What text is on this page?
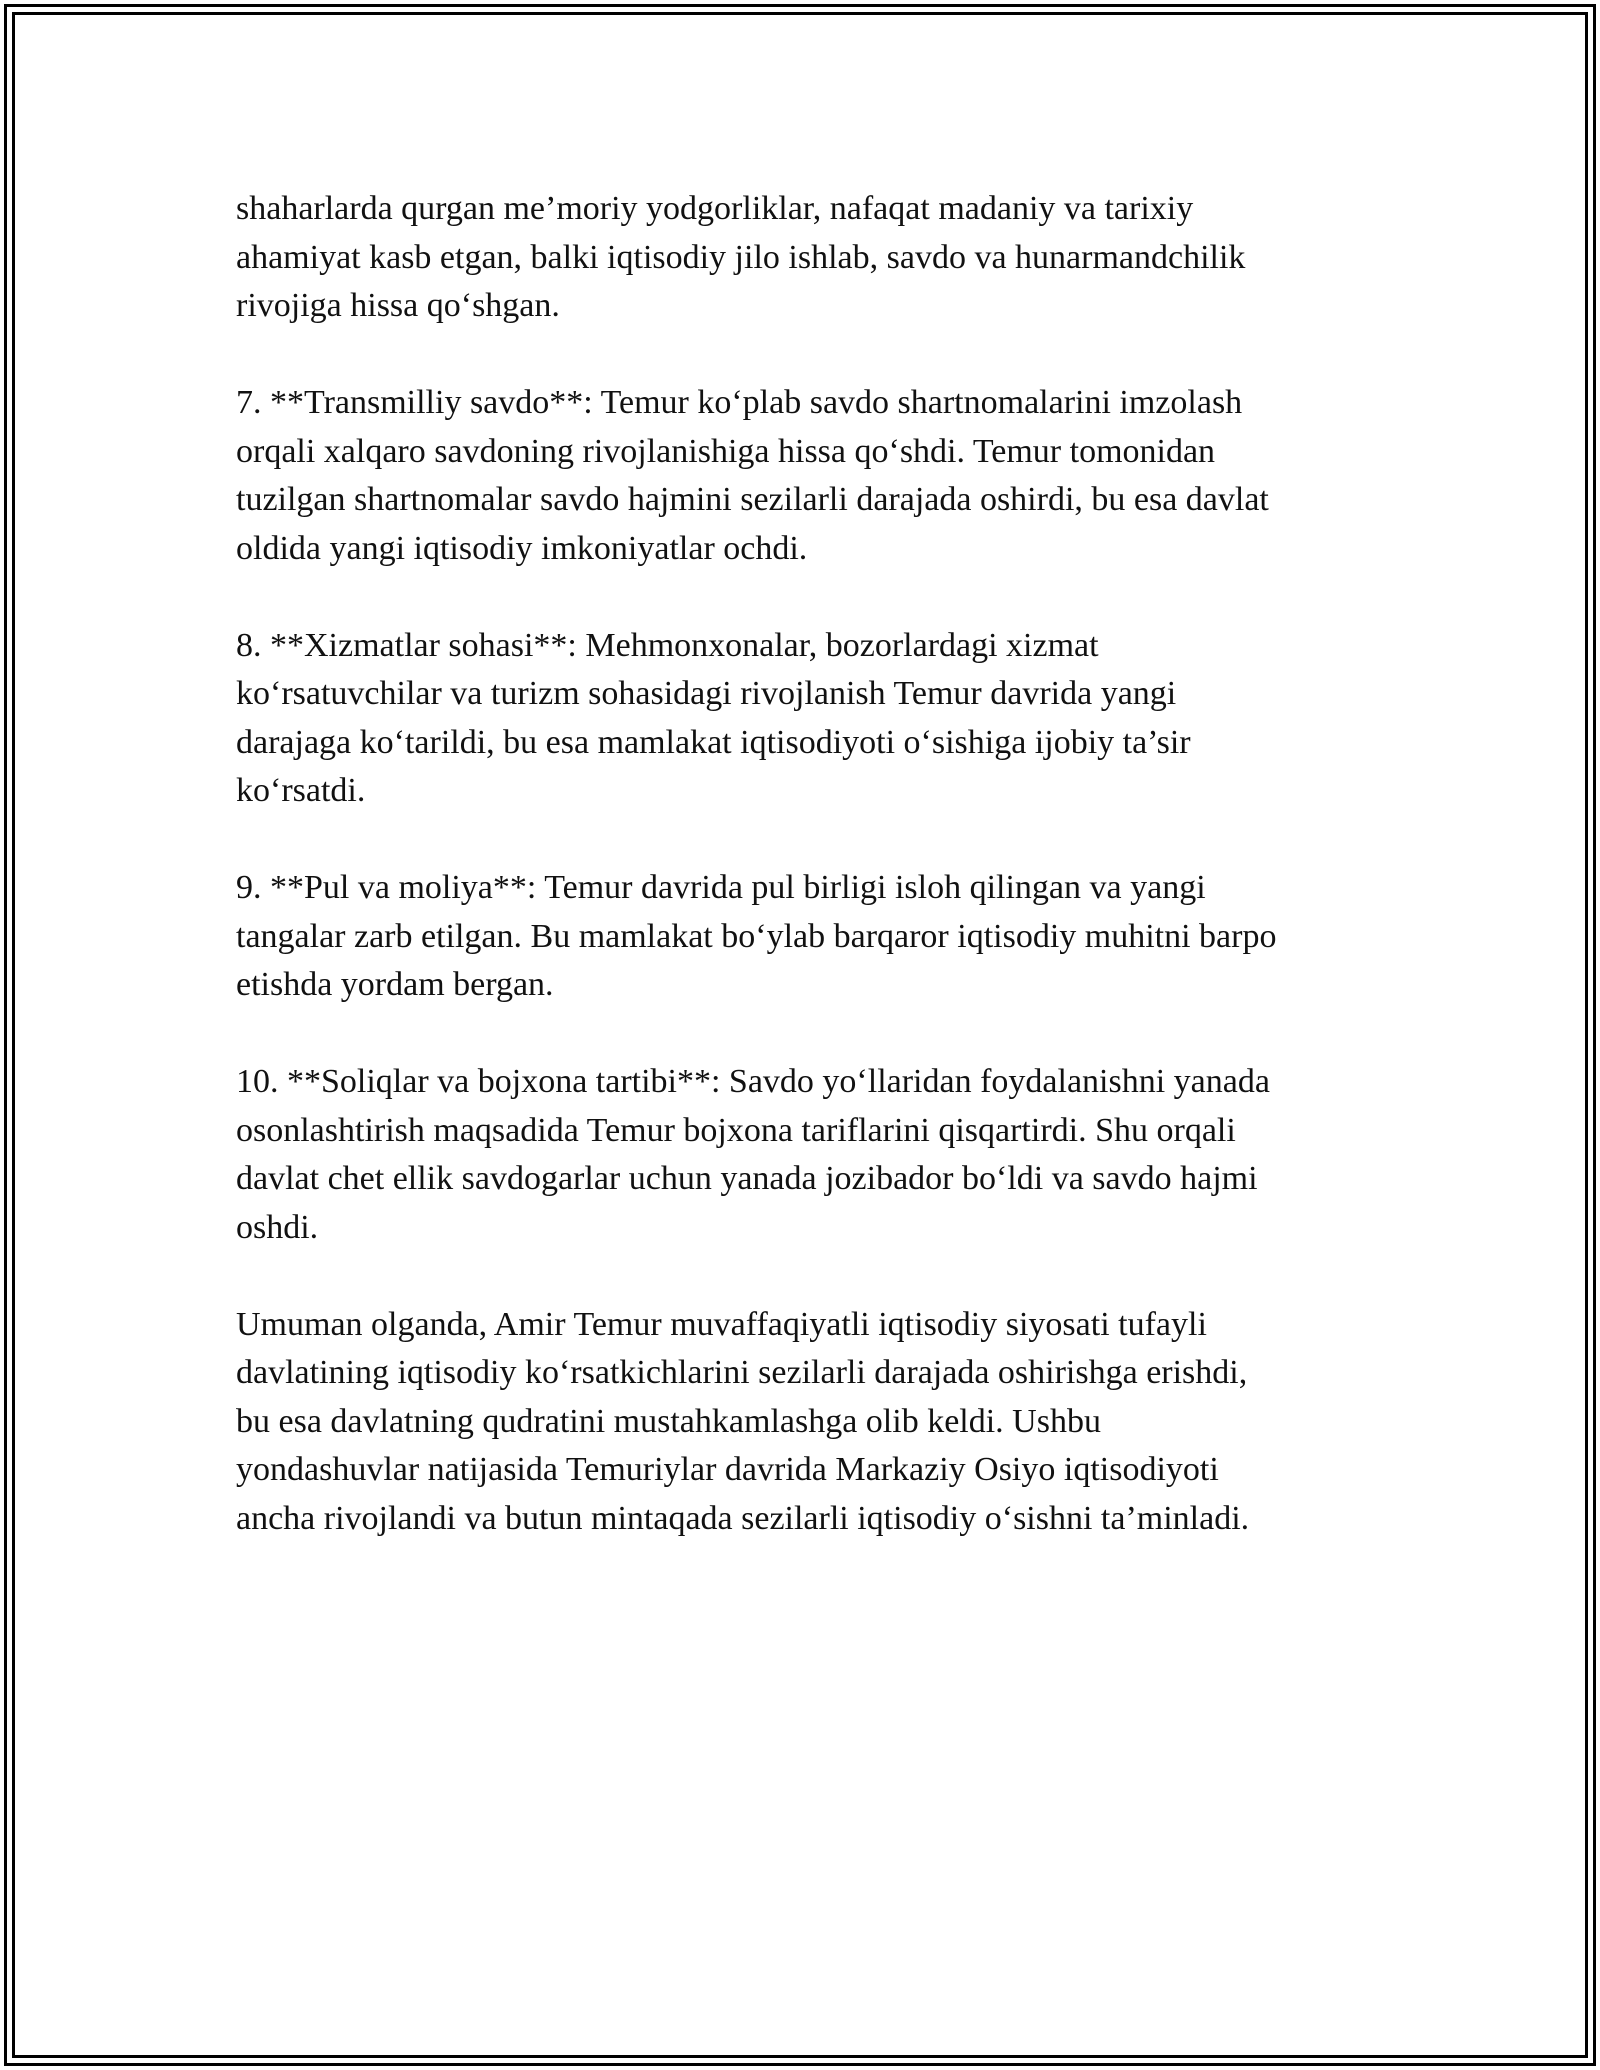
shaharlarda qurgan me’moriy yodgorliklar, nafaqat madaniy va tarixiy
ahamiyat kasb etgan, balki iqtisodiy jilo ishlab, savdo va hunarmandchilik
rivojiga hissa qo‘shgan.

7. **Transmilliy savdo**: Temur ko‘plab savdo shartnomalarini imzolash
orqali xalqaro savdoning rivojlanishiga hissa qo‘shdi. Temur tomonidan
tuzilgan shartnomalar savdo hajmini sezilarli darajada oshirdi, bu esa davlat
oldida yangi iqtisodiy imkoniyatlar ochdi.

8. **Xizmatlar sohasi**: Mehmonxonalar, bozorlardagi xizmat
ko‘rsatuvchilar va turizm sohasidagi rivojlanish Temur davrida yangi
darajaga ko‘tarildi, bu esa mamlakat iqtisodiyoti o‘sishiga ijobiy ta’sir
ko‘rsatdi.

9. **Pul va moliya**: Temur davrida pul birligi isloh qilingan va yangi
tangalar zarb etilgan. Bu mamlakat bo‘ylab barqaror iqtisodiy muhitni barpo
etishda yordam bergan.

10. **Soliqlar va bojxona tartibi**: Savdo yo‘llaridan foydalanishni yanada
osonlashtirish maqsadida Temur bojxona tariflarini qisqartirdi. Shu orqali
davlat chet ellik savdogarlar uchun yanada jozibador bo‘ldi va savdo hajmi
oshdi.

Umuman olganda, Amir Temur muvaffaqiyatli iqtisodiy siyosati tufayli
davlatining iqtisodiy ko‘rsatkichlarini sezilarli darajada oshirishga erishdi,
bu esa davlatning qudratini mustahkamlashga olib keldi. Ushbu
yondashuvlar natijasida Temuriylar davrida Markaziy Osiyo iqtisodiyoti
ancha rivojlandi va butun mintaqada sezilarli iqtisodiy o‘sishni ta’minladi.
